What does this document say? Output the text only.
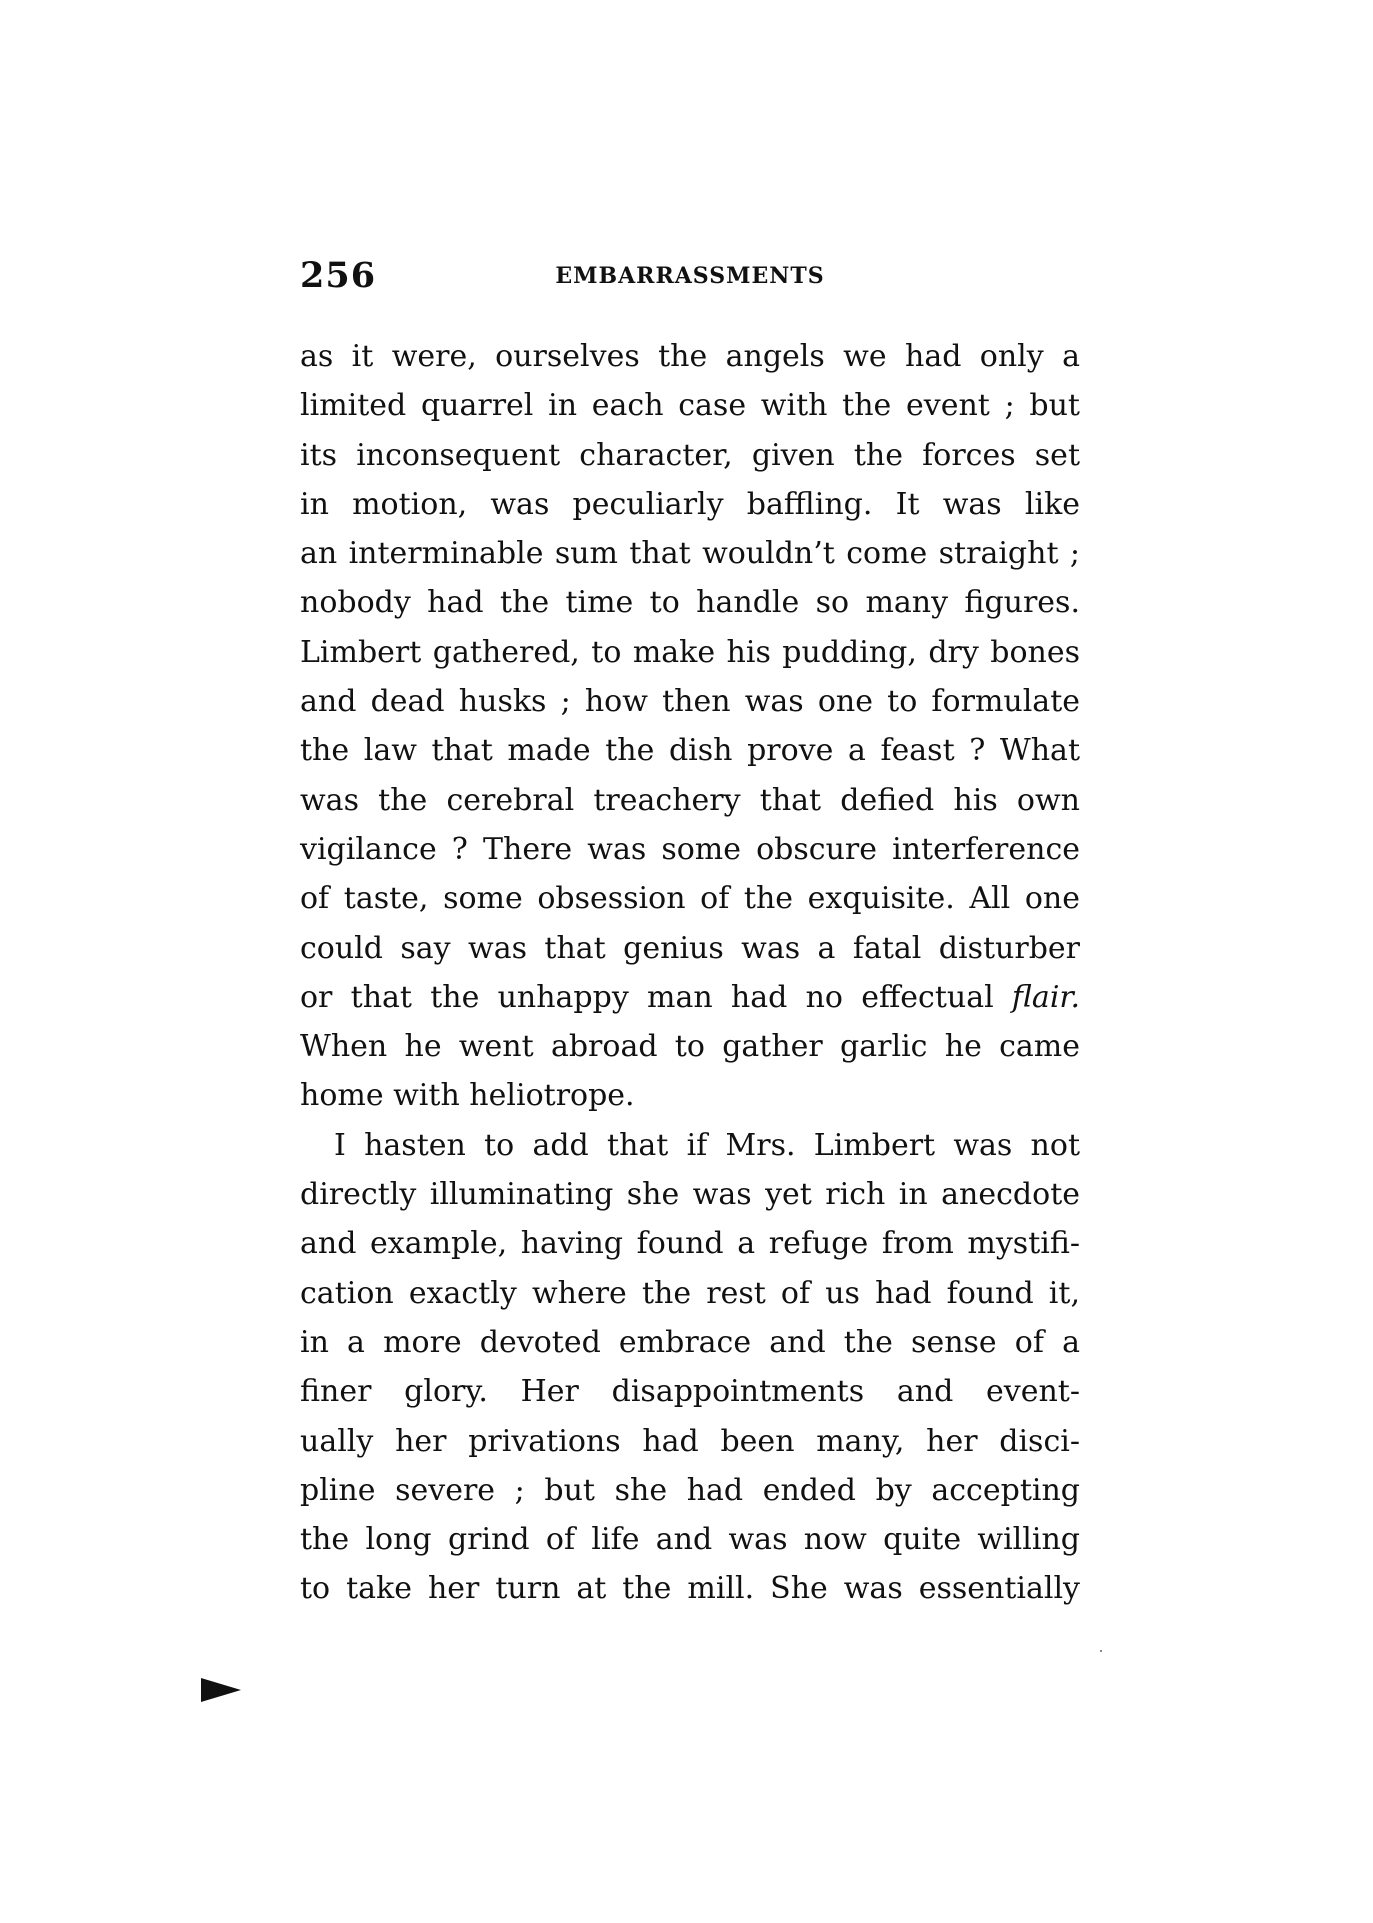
256	EMBARRASSMENTS
as it were, ourselves the angels we had only a
limited quarrel in each case with the event ; but
its inconsequent character, given the forces set
in motion, was peculiarly baffling. It was like
an interminable sum that wouldn’t come straight ;
nobody had the time to handle so many figures.
Limbert gathered, to make his pudding, dry bones
and dead husks ; how then was one to formulate
the law that made the dish prove a feast ? What
was the cerebral treachery that defied his own
vigilance ? There was some obscure interference
of taste, some obsession of the exquisite. All one
could say was that genius was a fatal disturber
or that the unhappy man had no effectual flair.
When he went abroad to gather garlic he came
home with heliotrope.
I hasten to add that if Mrs. Limbert was not
directly illuminating she was yet rich in anecdote
and example, having found a refuge from mystifi-
cation exactly where the rest of us had found it,
in a more devoted embrace and the sense of a
finer glory. Her disappointments and event-
ually her privations had been many, her disci-
pline severe ; but she had ended by accepting
the long grind of life and was now quite willing
to take her turn at the mill. She was essentially
